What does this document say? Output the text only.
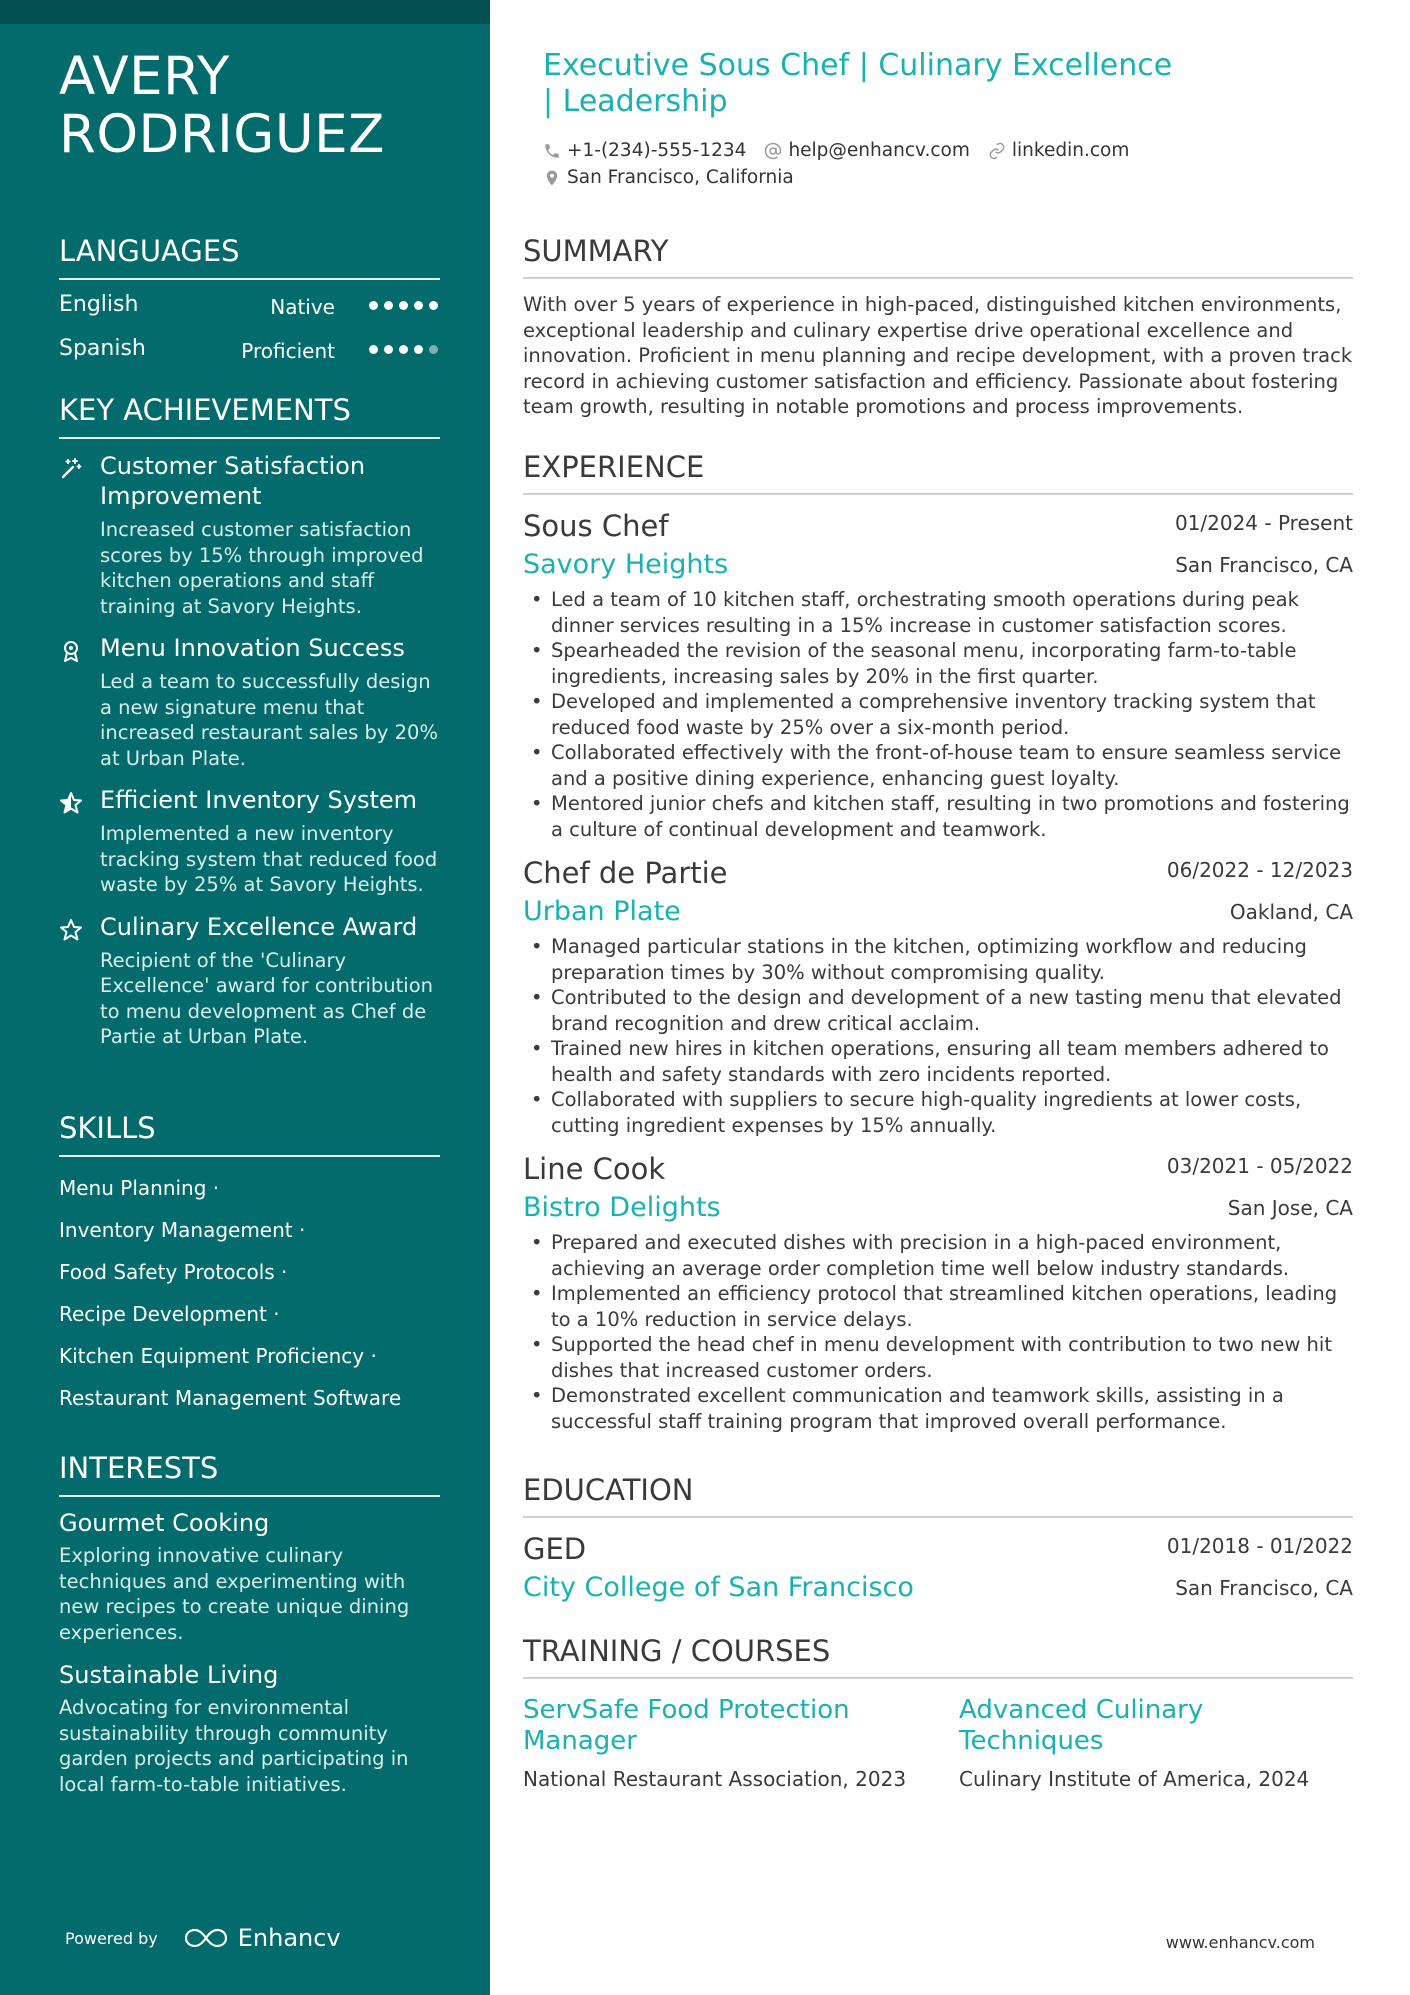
AVERY RODRIGUEZ
LANGUAGES
English	Native
Spanish	Proficient
KEY ACHIEVEMENTS
Customer Satisfaction Improvement
Increased customer satisfaction scores by 15% through improved kitchen operations and staff training at Savory Heights.
Menu Innovation Success
Led a team to successfully design a new signature menu that increased restaurant sales by 20% at Urban Plate.
Efficient Inventory System
Implemented a new inventory tracking system that reduced food waste by 25% at Savory Heights.
Culinary Excellence Award
Recipient of the 'Culinary Excellence' award for contribution to menu development as Chef de Partie at Urban Plate.
SKILLS
Menu Planning ·
Inventory Management ·
Food Safety Protocols ·
Recipe Development ·
Kitchen Equipment Proficiency ·
Restaurant Management Software
INTERESTS
Gourmet Cooking
Exploring innovative culinary techniques and experimenting with new recipes to create unique dining experiences.
Sustainable Living
Advocating for environmental sustainability through community garden projects and participating in local farm-to-table initiatives.
Powered by	Enhancv
Executive Sous Chef | Culinary Excellence | Leadership
+1-(234)-555-1234 help@enhancv.com linkedin.com
San Francisco, California
SUMMARY
With over 5 years of experience in high-paced, distinguished kitchen environments, exceptional leadership and culinary expertise drive operational excellence and innovation. Proficient in menu planning and recipe development, with a proven track record in achieving customer satisfaction and efficiency. Passionate about fostering team growth, resulting in notable promotions and process improvements.
EXPERIENCE
Sous Chef	01/2024 - Present
Savory Heights	San Francisco, CA
• Led a team of 10 kitchen staff, orchestrating smooth operations during peak dinner services resulting in a 15% increase in customer satisfaction scores.
• Spearheaded the revision of the seasonal menu, incorporating farm-to-table ingredients, increasing sales by 20% in the first quarter.
• Developed and implemented a comprehensive inventory tracking system that reduced food waste by 25% over a six-month period.
• Collaborated effectively with the front-of-house team to ensure seamless service and a positive dining experience, enhancing guest loyalty.
• Mentored junior chefs and kitchen staff, resulting in two promotions and fostering a culture of continual development and teamwork.
Chef de Partie	06/2022 - 12/2023
Urban Plate	Oakland, CA
• Managed particular stations in the kitchen, optimizing workflow and reducing preparation times by 30% without compromising quality.
• Contributed to the design and development of a new tasting menu that elevated brand recognition and drew critical acclaim.
• Trained new hires in kitchen operations, ensuring all team members adhered to health and safety standards with zero incidents reported.
• Collaborated with suppliers to secure high-quality ingredients at lower costs, cutting ingredient expenses by 15% annually.
Line Cook	03/2021 - 05/2022
Bistro Delights	San Jose, CA
• Prepared and executed dishes with precision in a high-paced environment, achieving an average order completion time well below industry standards.
• Implemented an efficiency protocol that streamlined kitchen operations, leading to a 10% reduction in service delays.
• Supported the head chef in menu development with contribution to two new hit dishes that increased customer orders.
• Demonstrated excellent communication and teamwork skills, assisting in a successful staff training program that improved overall performance.
EDUCATION
GED	01/2018 - 01/2022
City College of San Francisco	San Francisco, CA
TRAINING / COURSES
ServSafe Food Protection Manager
National Restaurant Association, 2023
Advanced Culinary Techniques
Culinary Institute of America, 2024
www.enhancv.com
